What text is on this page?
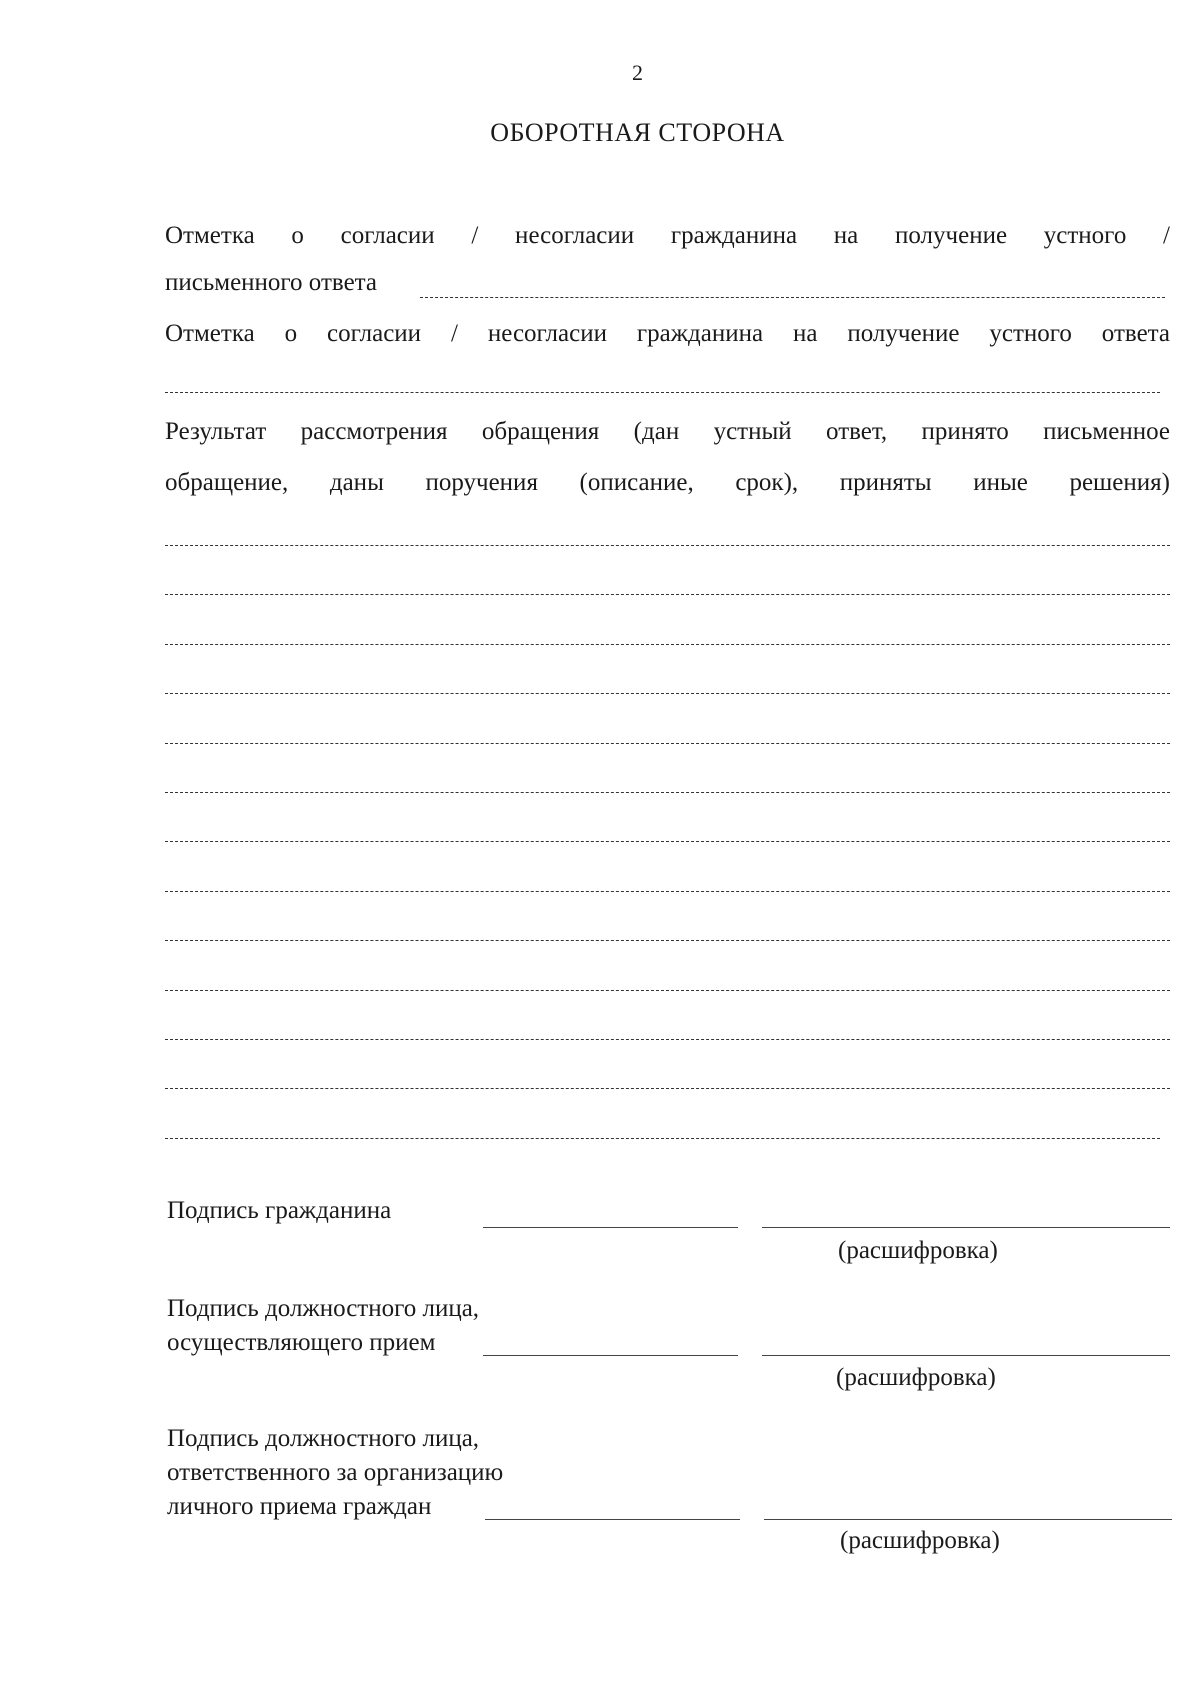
2
ОБОРОТНАЯ СТОРОНА
Отметка о согласии / несогласии гражданина на получение устного /
письменного ответа
Отметка о согласии / несогласии гражданина на получение устного ответа
Результат рассмотрения обращения (дан устный ответ, принято письменное
обращение, даны поручения (описание, срок), приняты иные решения)
Подпись гражданина
(расшифровка)
Подпись должностного лица,
осуществляющего прием
(расшифровка)
Подпись должностного лица,
ответственного за организацию
личного приема граждан
(расшифровка)
